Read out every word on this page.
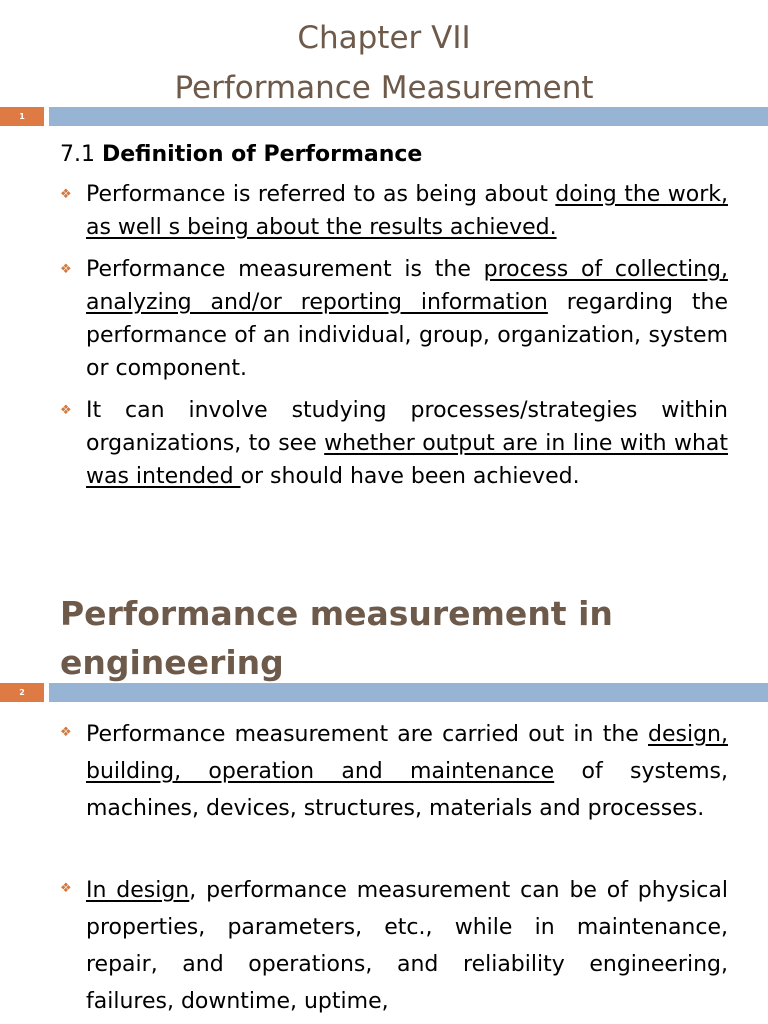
Chapter VII
Performance Measurement
1
7.1 Definition of Performance
❖ Performance is referred to as being about doing the work, as well s being about the results achieved.
❖ Performance measurement is the process of collecting, analyzing and/or reporting information regarding the performance of an individual, group, organization, system or component.
❖ It can involve studying processes/strategies within organizations, to see whether output are in line with what was intended or should have been achieved.
Performance measurement in engineering
2
❖ Performance measurement are carried out in the design, building, operation and maintenance of systems, machines, devices, structures, materials and processes.
❖ In design, performance measurement can be of physical properties, parameters, etc., while in maintenance, repair, and operations, and reliability engineering, failures, downtime, uptime,
